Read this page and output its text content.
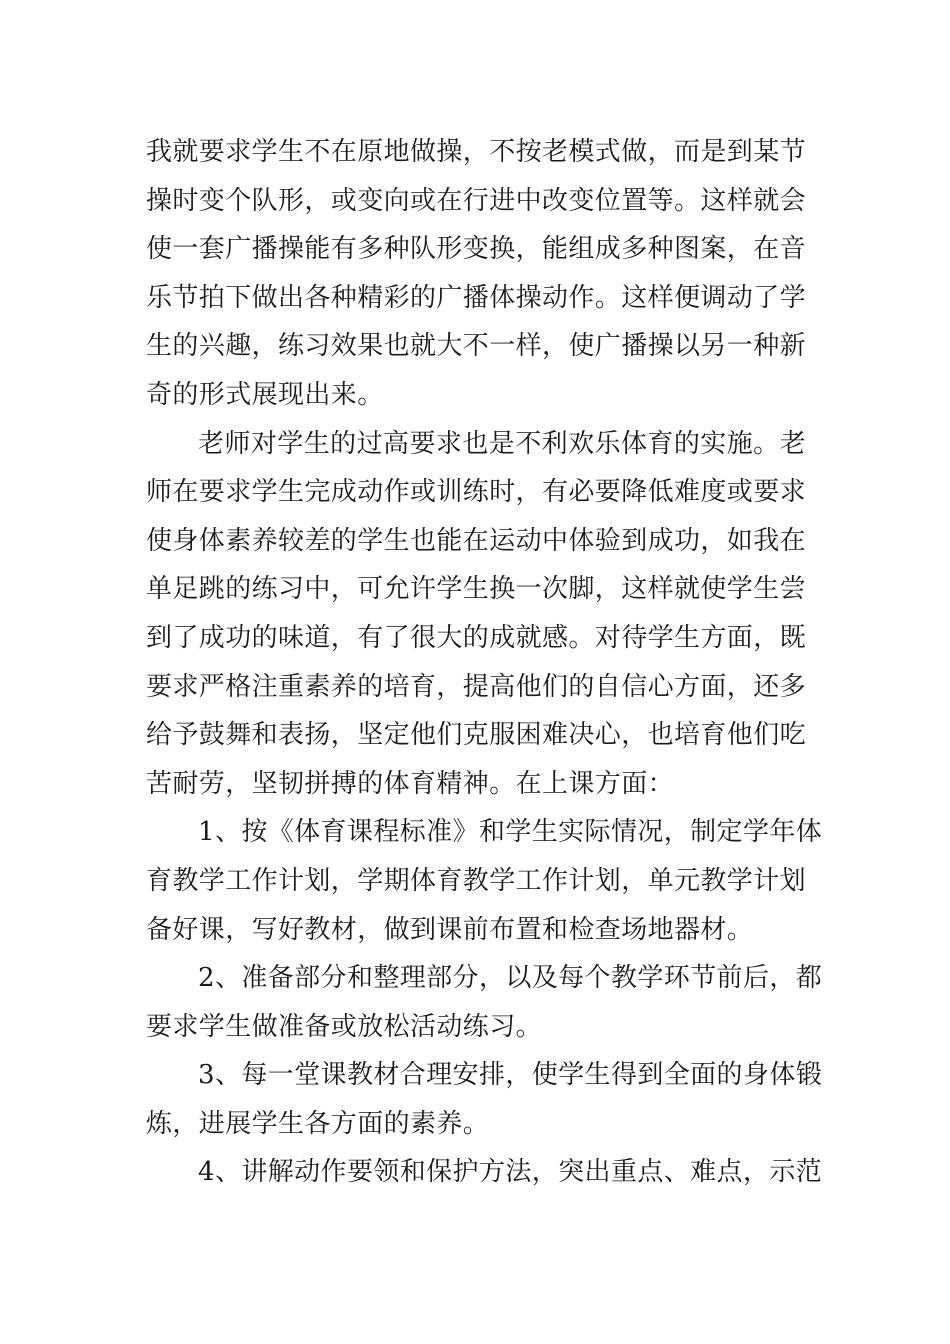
我就要求学生不在原地做操，不按老模式做，而是到某节
操时变个队形，或变向或在行进中改变位置等。这样就会
使一套广播操能有多种队形变换，能组成多种图案，在音
乐节拍下做出各种精彩的广播体操动作。这样便调动了学
生的兴趣，练习效果也就大不一样，使广播操以另一种新
奇的形式展现出来。
老师对学生的过高要求也是不利欢乐体育的实施。老
师在要求学生完成动作或训练时，有必要降低难度或要求
使身体素养较差的学生也能在运动中体验到成功，如我在
单足跳的练习中，可允许学生换一次脚，这样就使学生尝
到了成功的味道，有了很大的成就感。对待学生方面，既
要求严格注重素养的培育，提高他们的自信心方面，还多
给予鼓舞和表扬，坚定他们克服困难决心，也培育他们吃
苦耐劳，坚韧拼搏的体育精神。在上课方面：
1、按《体育课程标准》和学生实际情况，制定学年体
育教学工作计划，学期体育教学工作计划，单元教学计划
备好课，写好教材，做到课前布置和检查场地器材。
2、准备部分和整理部分，以及每个教学环节前后，都
要求学生做准备或放松活动练习。
3、每一堂课教材合理安排，使学生得到全面的身体锻
炼，进展学生各方面的素养。
4、讲解动作要领和保护方法，突出重点、难点，示范
